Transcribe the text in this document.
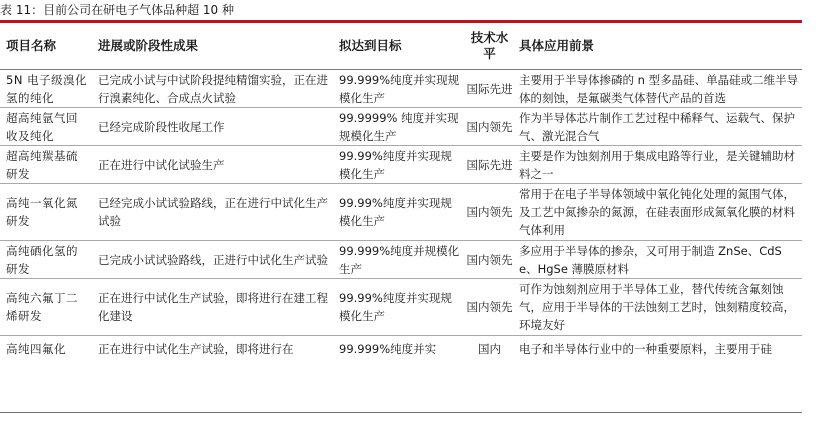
表 11：目前公司在研电子气体品种超 10 种
项目名称	进展或阶段性成果	拟达到目标	技术水平	具体应用前景
5N 电子级溴化氢的纯化	已完成小试与中试阶段提纯精馏实验，正在进行溴素纯化、合成点火试验	99.999%纯度并实现规模化生产	国际先进	主要用于半导体掺磷的 n 型多晶硅、单晶硅或二维半导体的刻蚀，是氟碳类气体替代产品的首选
超高纯氩气回收及纯化	已经完成阶段性收尾工作	99.9999% 纯度并实现规模化生产	国内领先	作为半导体芯片制作工艺过程中稀释气、运载气、保护气、激光混合气
超高纯羰基硫研发	正在进行中试化试验生产	99.99%纯度并实现规模化生产	国际先进	主要是作为蚀刻剂用于集成电路等行业，是关键辅助材料之一
高纯一氧化氮研发	已经完成小试试验路线，正在进行中试化生产试验	99.99%纯度并实现规模化生产	国内领先	常用于在电子半导体领域中氧化钝化处理的氮围气体，及工艺中氮掺杂的氮源，在硅表面形成氮氧化膜的材料气体利用
高纯硒化氢的研发	已完成小试试验路线，正进行中试化生产试验	99.999%纯度并规模化生产	国内领先	多应用于半导体的掺杂，又可用于制造 ZnSe、CdSe、HgSe 薄膜原材料
高纯六氟丁二烯研发	正在进行中试化生产试验，即将进行在建工程化建设	99.99%纯度并实现规模化生产	国内领先	可作为蚀刻剂应用于半导体工业，替代传统含氟刻蚀气，应用于半导体的干法蚀刻工艺时，蚀刻精度较高，环境友好

高纯四氟化	正在进行中试化生产试验，即将进行在	99.999%纯度并实	国内	电子和半导体行业中的一种重要原料，主要用于硅
